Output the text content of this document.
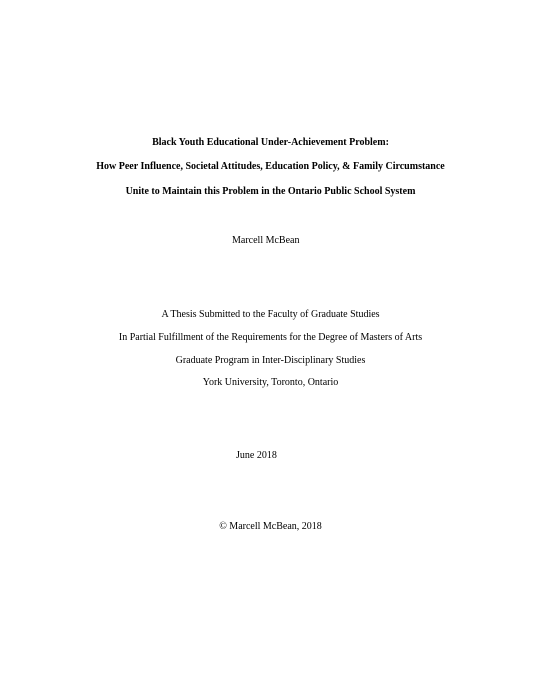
Black Youth Educational Under-Achievement Problem:
How Peer Influence, Societal Attitudes, Education Policy, & Family Circumstance
Unite to Maintain this Problem in the Ontario Public School System
Marcell McBean
A Thesis Submitted to the Faculty of Graduate Studies
In Partial Fulfillment of the Requirements for the Degree of Masters of Arts
Graduate Program in Inter-Disciplinary Studies
York University, Toronto, Ontario
June 2018
© Marcell McBean, 2018
